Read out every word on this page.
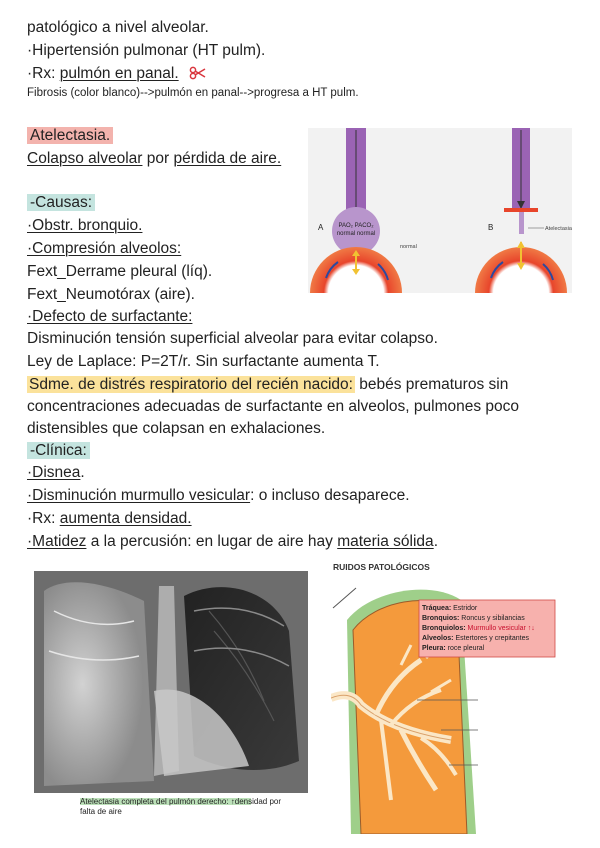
patológico a nivel alveolar.
·Hipertensión pulmonar (HT pulm).
·Rx: pulmón en panal.
Fibrosis (color blanco)-->pulmón en panal-->progresa a HT pulm.
Atelectasia.
Colapso alveolar por pérdida de aire.
-Causas:
·Obstr. bronquio.
·Compresión alveolos:
Fext_Derrame pleural (líq).
Fext_Neumotórax (aire).
·Defecto de surfactante:
Disminución tensión superficial alveolar para evitar colapso.
Ley de Laplace: P=2T/r. Sin surfactante aumenta T.
Sdme. de distrés respiratorio del recién nacido: bebés prematuros sin
concentraciones adecuadas de surfactante en alveolos, pulmones poco
distensibles que colapsan en exhalaciones.
-Clínica:
·Disnea.
·Disminución murmullo vesicular: o incluso desaparece.
·Rx: aumenta densidad.
·Matidez a la percusión: en lugar de aire hay materia sólida.
PAO₂ PACO₂
normal normal
A
normal
B	Atelectasia
Atelectasia completa del pulmón derecho: ↑densidad por
falta de aire
RUIDOS PATOLÓGICOS
Tráquea: Estridor
Bronquios: Roncus y sibilancias
Bronquiolos: Murmullo vesicular ↑↓
Alveolos: Estertores y crepitantes
Pleura: roce pleural
